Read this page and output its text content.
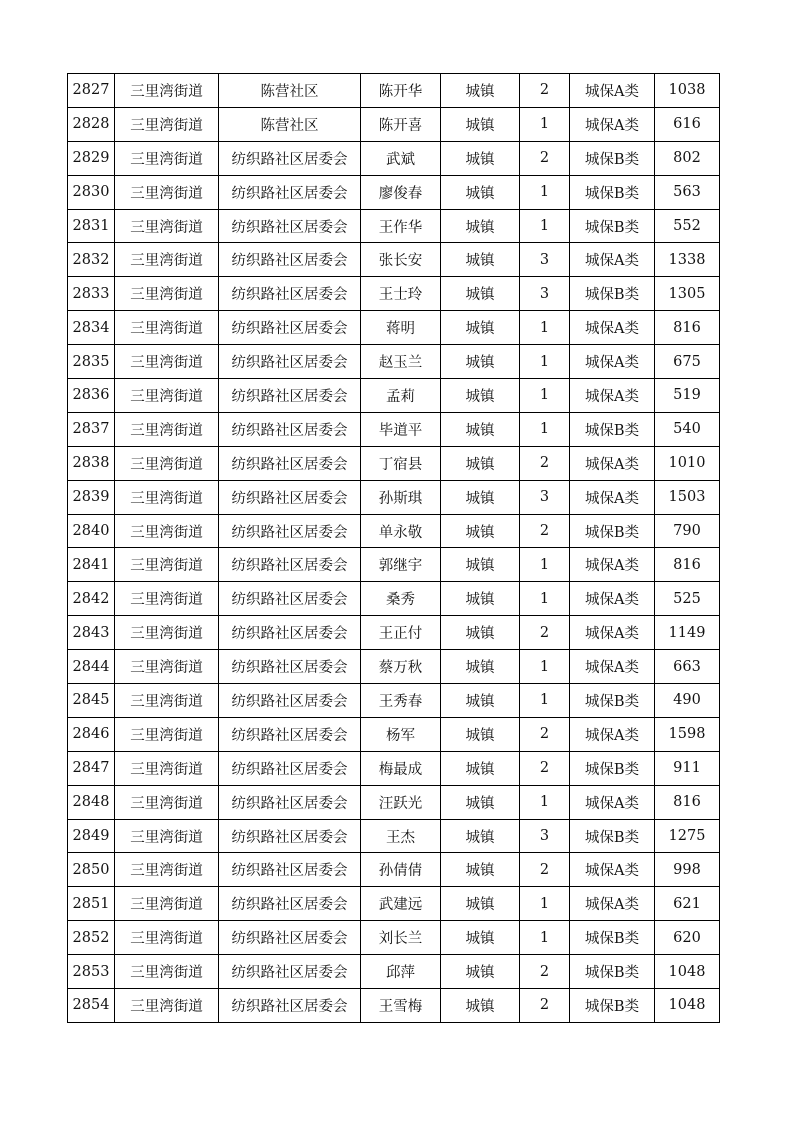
2827	三里湾街道	陈营社区	陈开华	城镇	2	城保A类	1038
2828	三里湾街道	陈营社区	陈开喜	城镇	1	城保A类	616
2829	三里湾街道	纺织路社区居委会	武斌	城镇	2	城保B类	802
2830	三里湾街道	纺织路社区居委会	廖俊春	城镇	1	城保B类	563
2831	三里湾街道	纺织路社区居委会	王作华	城镇	1	城保B类	552
2832	三里湾街道	纺织路社区居委会	张长安	城镇	3	城保A类	1338
2833	三里湾街道	纺织路社区居委会	王士玲	城镇	3	城保B类	1305
2834	三里湾街道	纺织路社区居委会	蒋明	城镇	1	城保A类	816
2835	三里湾街道	纺织路社区居委会	赵玉兰	城镇	1	城保A类	675
2836	三里湾街道	纺织路社区居委会	孟莉	城镇	1	城保A类	519
2837	三里湾街道	纺织路社区居委会	毕道平	城镇	1	城保B类	540
2838	三里湾街道	纺织路社区居委会	丁宿县	城镇	2	城保A类	1010
2839	三里湾街道	纺织路社区居委会	孙斯琪	城镇	3	城保A类	1503
2840	三里湾街道	纺织路社区居委会	单永敬	城镇	2	城保B类	790
2841	三里湾街道	纺织路社区居委会	郭继宇	城镇	1	城保A类	816
2842	三里湾街道	纺织路社区居委会	桑秀	城镇	1	城保A类	525
2843	三里湾街道	纺织路社区居委会	王正付	城镇	2	城保A类	1149
2844	三里湾街道	纺织路社区居委会	蔡万秋	城镇	1	城保A类	663
2845	三里湾街道	纺织路社区居委会	王秀春	城镇	1	城保B类	490
2846	三里湾街道	纺织路社区居委会	杨军	城镇	2	城保A类	1598
2847	三里湾街道	纺织路社区居委会	梅最成	城镇	2	城保B类	911
2848	三里湾街道	纺织路社区居委会	汪跃光	城镇	1	城保A类	816
2849	三里湾街道	纺织路社区居委会	王杰	城镇	3	城保B类	1275
2850	三里湾街道	纺织路社区居委会	孙倩倩	城镇	2	城保A类	998
2851	三里湾街道	纺织路社区居委会	武建远	城镇	1	城保A类	621
2852	三里湾街道	纺织路社区居委会	刘长兰	城镇	1	城保B类	620
2853	三里湾街道	纺织路社区居委会	邱萍	城镇	2	城保B类	1048
2854	三里湾街道	纺织路社区居委会	王雪梅	城镇	2	城保B类	1048
